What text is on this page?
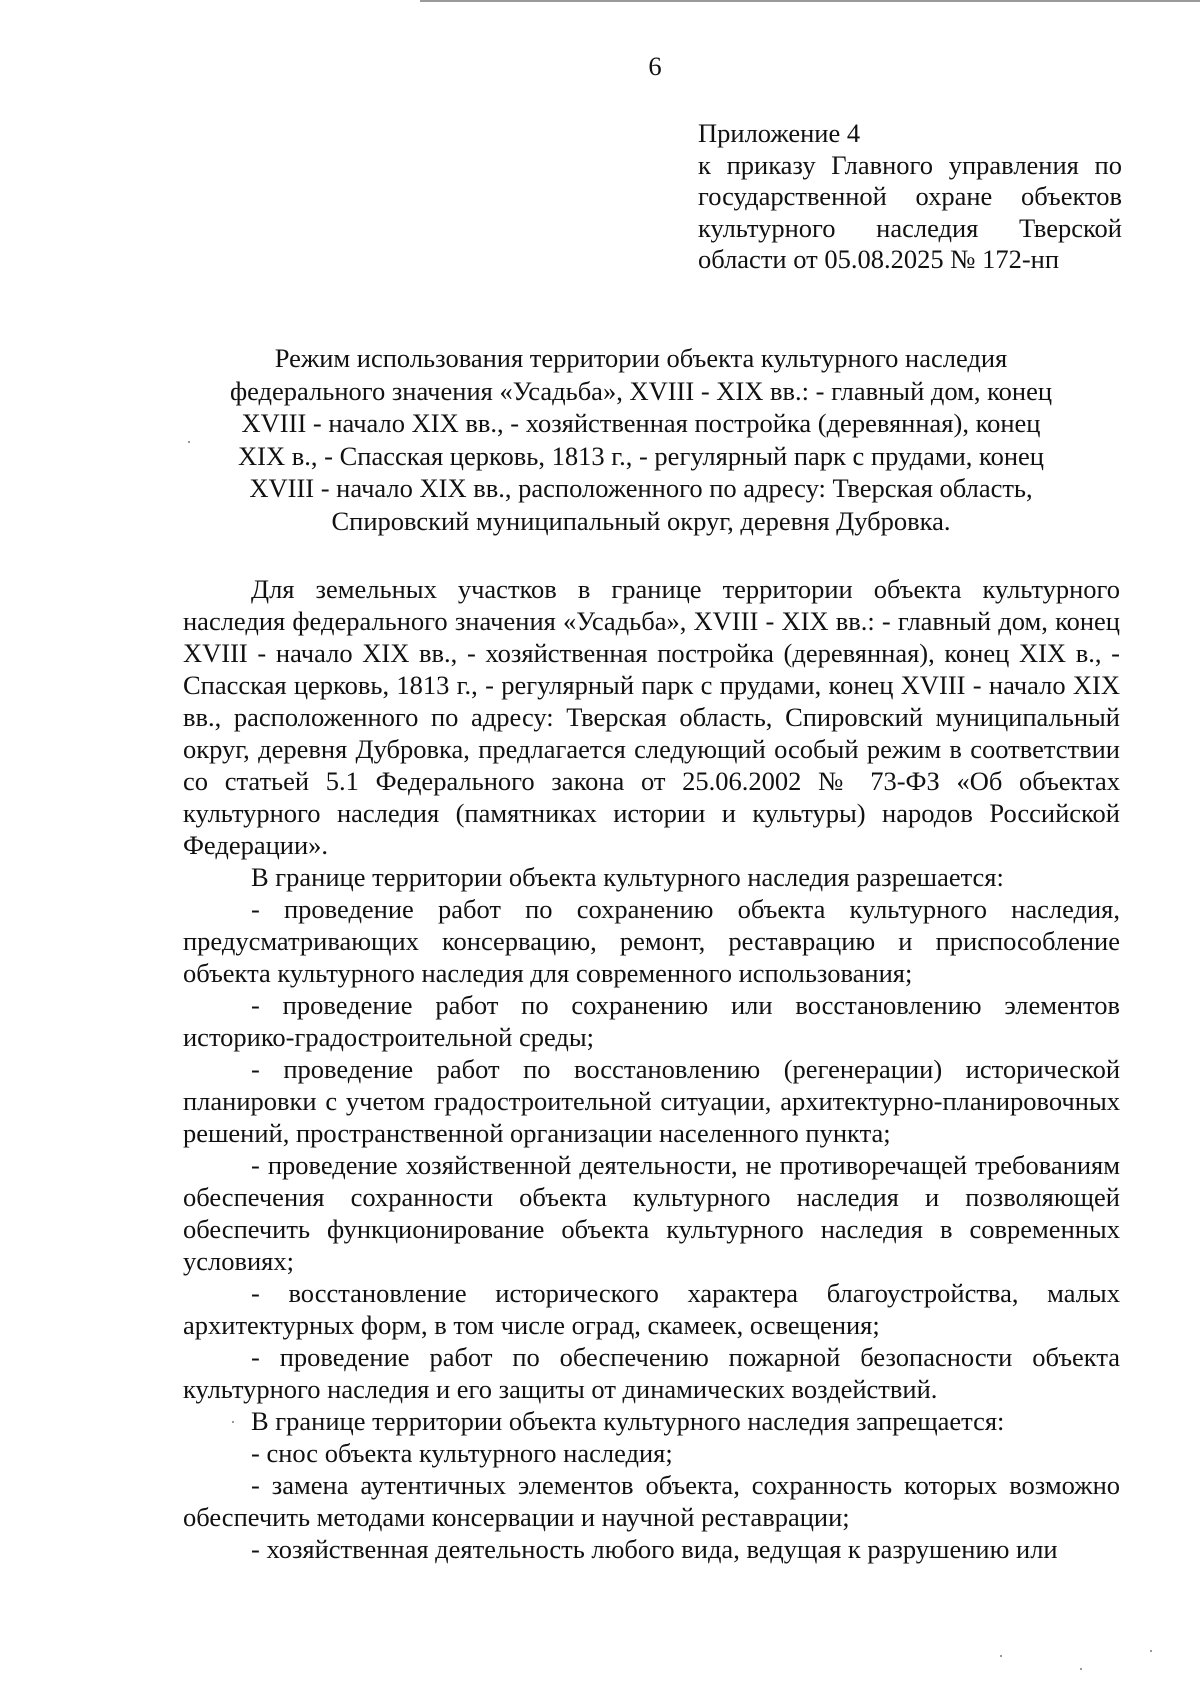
6
Приложение 4
к приказу Главного управления по
государственной охране объектов
культурного наследия Тверской
области от 05.08.2025 № 172-нп
Режим использования территории объекта культурного наследия
федерального значения «Усадьба», XVIII - XIX вв.: - главный дом, конец
XVIII - начало XIX вв., - хозяйственная постройка (деревянная), конец
XIX в., - Спасская церковь, 1813 г., - регулярный парк с прудами, конец
XVIII - начало XIX вв., расположенного по адресу: Тверская область,
Спировский муниципальный округ, деревня Дубровка.

Для земельных участков в границе территории объекта культурного наследия федерального значения «Усадьба», XVIII - XIX вв.: - главный дом, конец XVIII - начало XIX вв., - хозяйственная постройка (деревянная), конец XIX в., - Спасская церковь, 1813 г., - регулярный парк с прудами, конец XVIII - начало XIX вв., расположенного по адресу: Тверская область, Спировский муниципальный округ, деревня Дубровка, предлагается следующий особый режим в соответствии со статьей 5.1 Федерального закона от 25.06.2002 № 73-ФЗ «Об объектах культурного наследия (памятниках истории и культуры) народов Российской Федерации».

В границе территории объекта культурного наследия разрешается:

- проведение работ по сохранению объекта культурного наследия, предусматривающих консервацию, ремонт, реставрацию и приспособление объекта культурного наследия для современного использования;

- проведение работ по сохранению или восстановлению элементов историко-градостроительной среды;

- проведение работ по восстановлению (регенерации) исторической планировки с учетом градостроительной ситуации, архитектурно-планировочных решений, пространственной организации населенного пункта;

- проведение хозяйственной деятельности, не противоречащей требованиям обеспечения сохранности объекта культурного наследия и позволяющей обеспечить функционирование объекта культурного наследия в современных условиях;

- восстановление исторического характера благоустройства, малых архитектурных форм, в том числе оград, скамеек, освещения;

- проведение работ по обеспечению пожарной безопасности объекта культурного наследия и его защиты от динамических воздействий.

В границе территории объекта культурного наследия запрещается:

- снос объекта культурного наследия;

- замена аутентичных элементов объекта, сохранность которых возможно обеспечить методами консервации и научной реставрации;

- хозяйственная деятельность любого вида, ведущая к разрушению или
